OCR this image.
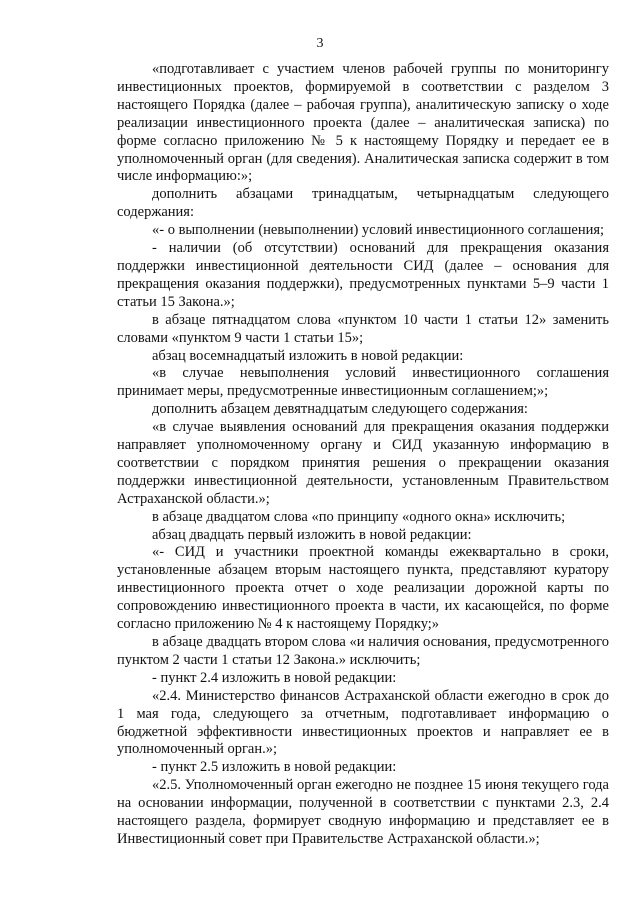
3

«подготавливает с участием членов рабочей группы по мониторингу инвестиционных проектов, формируемой в соответствии с разделом 3 настоящего Порядка (далее – рабочая группа), аналитическую записку о ходе реализации инвестиционного проекта (далее – аналитическая записка) по форме согласно приложению № 5 к настоящему Порядку и передает ее в уполномоченный орган (для сведения). Аналитическая записка содержит в том числе информацию:»;

дополнить абзацами тринадцатым, четырнадцатым следующего содержания:

«- о выполнении (невыполнении) условий инвестиционного соглашения;

- наличии (об отсутствии) оснований для прекращения оказания поддержки инвестиционной деятельности СИД (далее – основания для прекращения оказания поддержки), предусмотренных пунктами 5–9 части 1 статьи 15 Закона.»;

в абзаце пятнадцатом слова «пунктом 10 части 1 статьи 12» заменить словами «пунктом 9 части 1 статьи 15»;

абзац восемнадцатый изложить в новой редакции:

«в случае невыполнения условий инвестиционного соглашения принимает меры, предусмотренные инвестиционным соглашением;»;

дополнить абзацем девятнадцатым следующего содержания:

«в случае выявления оснований для прекращения оказания поддержки направляет уполномоченному органу и СИД указанную информацию в соответствии с порядком принятия решения о прекращении оказания поддержки инвестиционной деятельности, установленным Правительством Астраханской области.»;

в абзаце двадцатом слова «по принципу «одного окна» исключить;

абзац двадцать первый изложить в новой редакции:

«- СИД и участники проектной команды ежеквартально в сроки, установленные абзацем вторым настоящего пункта, представляют куратору инвестиционного проекта отчет о ходе реализации дорожной карты по сопровождению инвестиционного проекта в части, их касающейся, по форме согласно приложению № 4 к настоящему Порядку;»

в абзаце двадцать втором слова «и наличия основания, предусмотренного пунктом 2 части 1 статьи 12 Закона.» исключить;

- пункт 2.4 изложить в новой редакции:

«2.4. Министерство финансов Астраханской области ежегодно в срок до 1 мая года, следующего за отчетным, подготавливает информацию о бюджетной эффективности инвестиционных проектов и направляет ее в уполномоченный орган.»;

- пункт 2.5 изложить в новой редакции:

«2.5. Уполномоченный орган ежегодно не позднее 15 июня текущего года на основании информации, полученной в соответствии с пунктами 2.3, 2.4 настоящего раздела, формирует сводную информацию и представляет ее в Инвестиционный совет при Правительстве Астраханской области.»;
